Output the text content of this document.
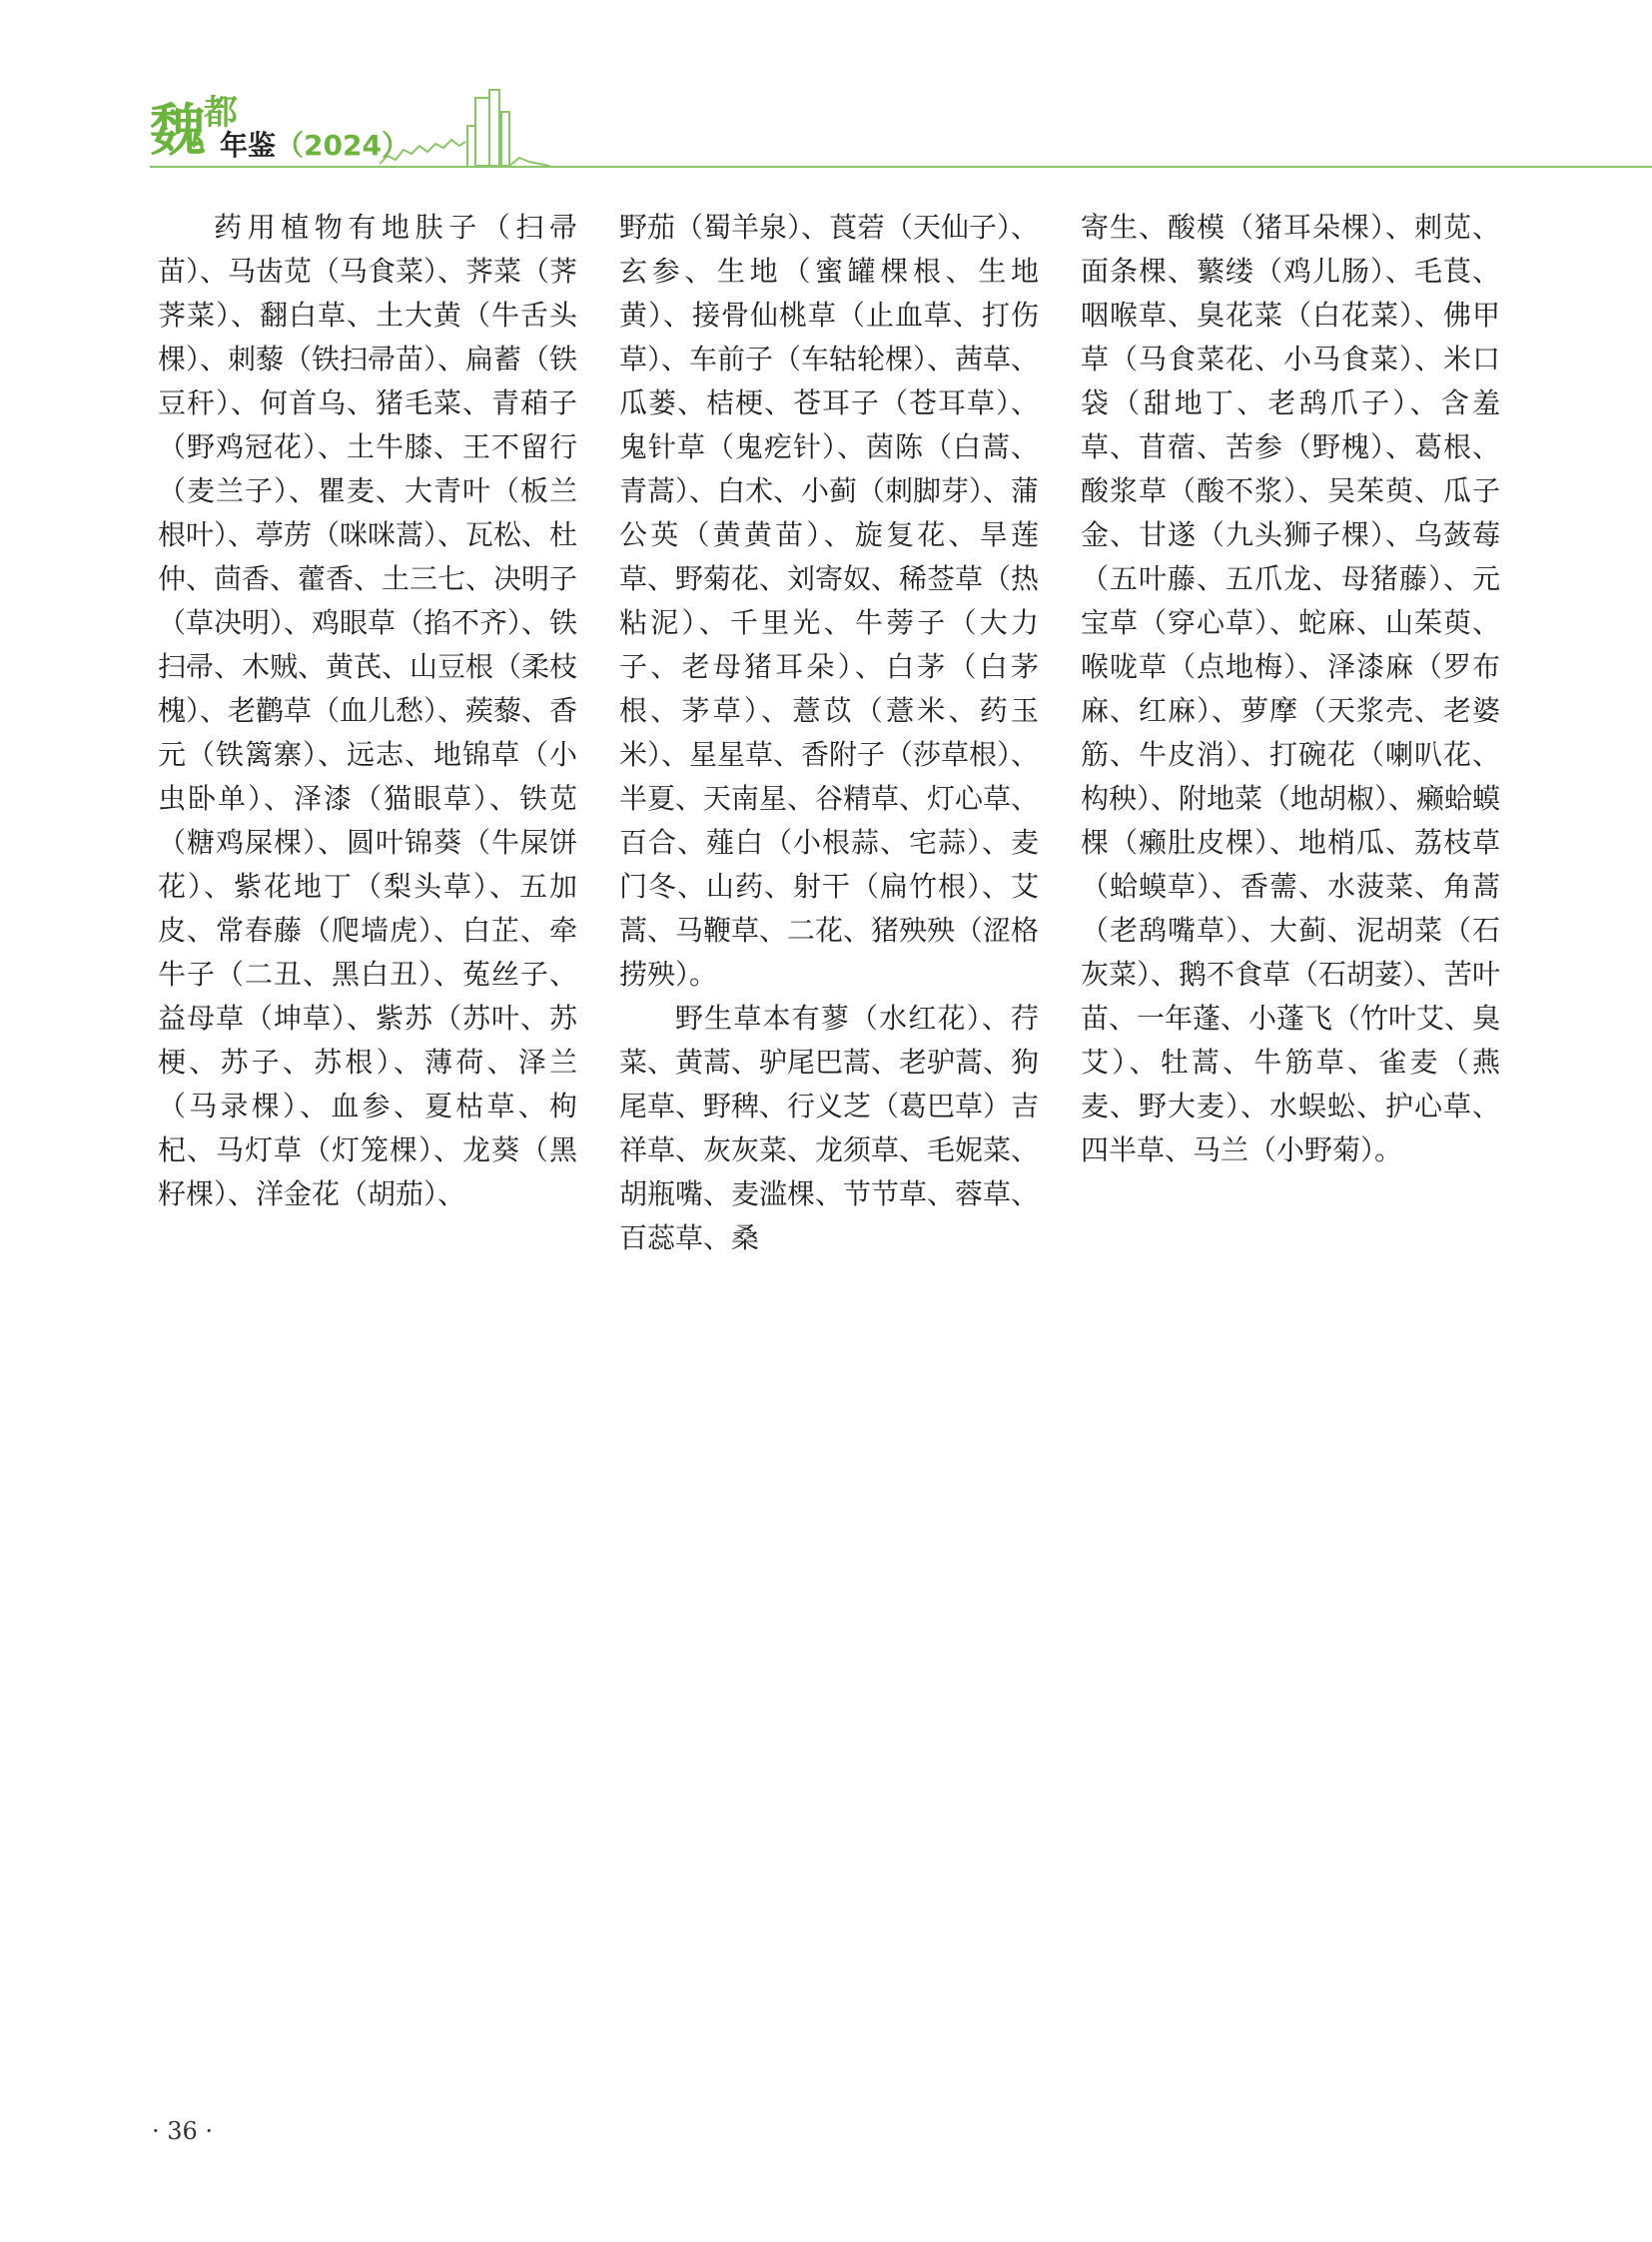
魏
都
年鉴（2024）

药用植物有地肤子（扫帚苗）、马齿苋（马食菜）、荠菜（荠荠菜）、翻白草、土大黄（牛舌头棵）、刺藜（铁扫帚苗）、扁蓄（铁豆秆）、何首乌、猪毛菜、青葙子（野鸡冠花）、土牛膝、王不留行（麦兰子）、瞿麦、大青叶（板兰根叶）、葶苈（咪咪蒿）、瓦松、杜仲、茴香、藿香、土三七、决明子（草决明）、鸡眼草（掐不齐）、铁扫帚、木贼、黄芪、山豆根（柔枝槐）、老鹳草（血儿愁）、蒺藜、香元（铁篱寨）、远志、地锦草（小虫卧单）、泽漆（猫眼草）、铁苋（糖鸡屎棵）、圆叶锦葵（牛屎饼花）、紫花地丁（梨头草）、五加皮、常春藤（爬墙虎）、白芷、牵牛子（二丑、黑白丑）、菟丝子、益母草（坤草）、紫苏（苏叶、苏梗、苏子、苏根）、薄荷、泽兰（马录棵）、血参、夏枯草、枸杞、马灯草（灯笼棵）、龙葵（黑籽棵）、洋金花（胡茄）、

野茄（蜀羊泉）、莨菪（天仙子）、玄参、生地（蜜罐棵根、生地黄）、接骨仙桃草（止血草、打伤草）、车前子（车轱轮棵）、茜草、瓜蒌、桔梗、苍耳子（苍耳草）、鬼针草（鬼疙针）、茵陈（白蒿、青蒿）、白术、小蓟（刺脚芽）、蒲公英（黄黄苗）、旋复花、旱莲草、野菊花、刘寄奴、稀莶草（热粘泥）、千里光、牛蒡子（大力子、老母猪耳朵）、白茅（白茅根、茅草）、薏苡（薏米、药玉米）、星星草、香附子（莎草根）、半夏、天南星、谷精草、灯心草、百合、薤白（小根蒜、宅蒜）、麦门冬、山药、射干（扁竹根）、艾蒿、马鞭草、二花、猪殃殃（涩格捞殃）。

野生草本有蓼（水红花）、荇菜、黄蒿、驴尾巴蒿、老驴蒿、狗尾草、野稗、行义芝（葛巴草）吉祥草、灰灰菜、龙须草、毛妮菜、胡瓶嘴、麦滥棵、节节草、蓉草、百蕊草、桑

寄生、酸模（猪耳朵棵）、刺苋、面条棵、蘩缕（鸡儿肠）、毛茛、咽喉草、臭花菜（白花菜）、佛甲草（马食菜花、小马食菜）、米口袋（甜地丁、老鸹爪子）、含羞草、苜蓿、苦参（野槐）、葛根、酸浆草（酸不浆）、吴茱萸、瓜子金、甘遂（九头狮子棵）、乌蔹莓（五叶藤、五爪龙、母猪藤）、元宝草（穿心草）、蛇麻、山茱萸、喉咙草（点地梅）、泽漆麻（罗布麻、红麻）、萝摩（天浆壳、老婆筋、牛皮消）、打碗花（喇叭花、构秧）、附地菜（地胡椒）、癞蛤蟆棵（癞肚皮棵）、地梢瓜、荔枝草（蛤蟆草）、香薷、水菠菜、角蒿（老鸹嘴草）、大蓟、泥胡菜（石灰菜）、鹅不食草（石胡荽）、苦叶苗、一年蓬、小蓬飞（竹叶艾、臭艾）、牡蒿、牛筋草、雀麦（燕麦、野大麦）、水蜈蚣、护心草、四半草、马兰（小野菊）。

· 36 ·
